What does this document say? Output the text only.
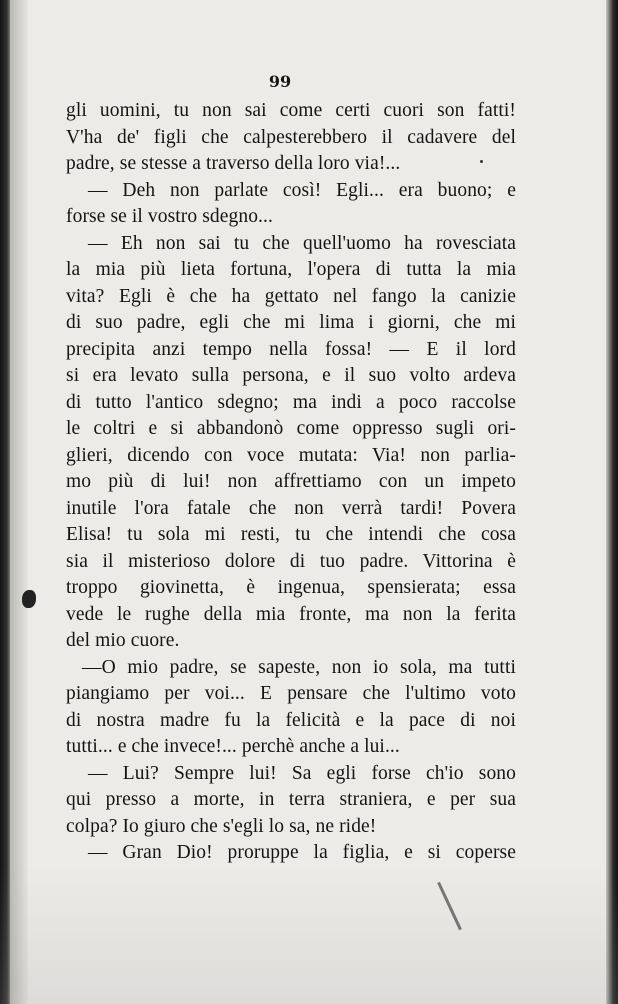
99
gli uomini, tu non sai come certi cuori son fatti!
V'ha de' figli che calpesterebbero il cadavere del
padre, se stesse a traverso della loro via!...
— Deh non parlate così! Egli... era buono; e
forse se il vostro sdegno...
— Eh non sai tu che quell'uomo ha rovesciata
la mia più lieta fortuna, l'opera di tutta la mia
vita? Egli è che ha gettato nel fango la canizie
di suo padre, egli che mi lima i giorni, che mi
precipita anzi tempo nella fossa! — E il lord
si era levato sulla persona, e il suo volto ardeva
di tutto l'antico sdegno; ma indi a poco raccolse
le coltri e si abbandonò come oppresso sugli ori-
glieri, dicendo con voce mutata: Via! non parlia-
mo più di lui! non affrettiamo con un impeto
inutile l'ora fatale che non verrà tardi! Povera
Elisa! tu sola mi resti, tu che intendi che cosa
sia il misterioso dolore di tuo padre. Vittorina è
troppo giovinetta, è ingenua, spensierata; essa
vede le rughe della mia fronte, ma non la ferita
del mio cuore.
—O mio padre, se sapeste, non io sola, ma tutti
piangiamo per voi... E pensare che l'ultimo voto
di nostra madre fu la felicità e la pace di noi
tutti... e che invece!... perchè anche a lui...
— Lui? Sempre lui! Sa egli forse ch'io sono
qui presso a morte, in terra straniera, e per sua
colpa? Io giuro che s'egli lo sa, ne ride!
— Gran Dio! proruppe la figlia, e si coperse
